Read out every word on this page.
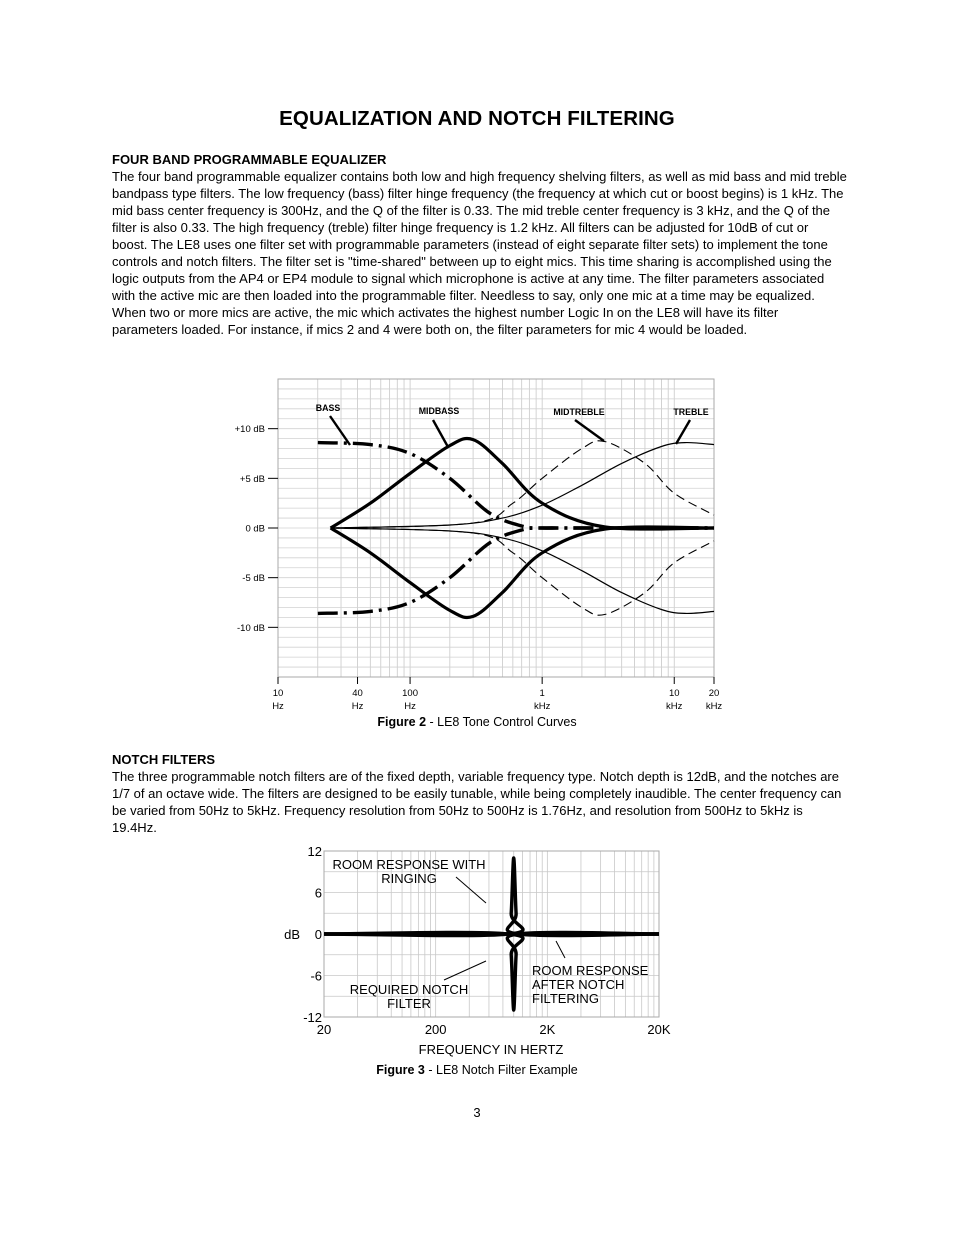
EQUALIZATION AND NOTCH FILTERING
FOUR BAND PROGRAMMABLE EQUALIZER

The four band programmable equalizer contains both low and high frequency shelving filters, as well as mid bass and mid treble bandpass type filters. The low frequency (bass) filter hinge frequency (the frequency at which cut or boost begins) is 1 kHz. The mid bass center frequency is 300Hz, and the Q of the filter is 0.33. The mid treble center frequency is 3 kHz, and the Q of the filter is also 0.33. The high frequency (treble) filter hinge frequency is 1.2 kHz. All filters can be adjusted for 10dB of cut or boost. The LE8 uses one filter set with programmable parameters (instead of eight separate filter sets) to implement the tone controls and notch filters. The filter set is "time-shared" between up to eight mics. This time sharing is accomplished using the logic outputs from the AP4 or EP4 module to signal which microphone is active at any time. The filter parameters associated with the active mic are then loaded into the programmable filter. Needless to say, only one mic at a time may be equalized. When two or more mics are active, the mic which activates the highest number Logic In on the LE8 will have its filter parameters loaded. For instance, if mics 2 and 4 were both on, the filter parameters for mic 4 would be loaded.

+10 dB
+5 dB
0 dB
-5 dB
-10 dB
10
Hz
40
Hz
100
Hz
1
kHz
10
kHz
20
kHz
BASS	MIDBASS	MIDTREBLE	TREBLE
Figure 2 - LE8 Tone Control Curves
NOTCH FILTERS

The three programmable notch filters are of the fixed depth, variable frequency type. Notch depth is 12dB, and the notches are 1/7 of an octave wide. The filters are designed to be easily tunable, while being completely inaudible. The center frequency can be varied from 50Hz to 5kHz. Frequency resolution from 50Hz to 500Hz is 1.76Hz, and resolution from 500Hz to 5kHz is 19.4Hz.

12
6
0
-6
-12
dB
20	200	2K	20K
FREQUENCY IN HERTZ
ROOM RESPONSE WITH
RINGING
REQUIRED NOTCH
FILTER
ROOM RESPONSE
AFTER NOTCH
FILTERING
Figure 3 - LE8 Notch Filter Example
3
